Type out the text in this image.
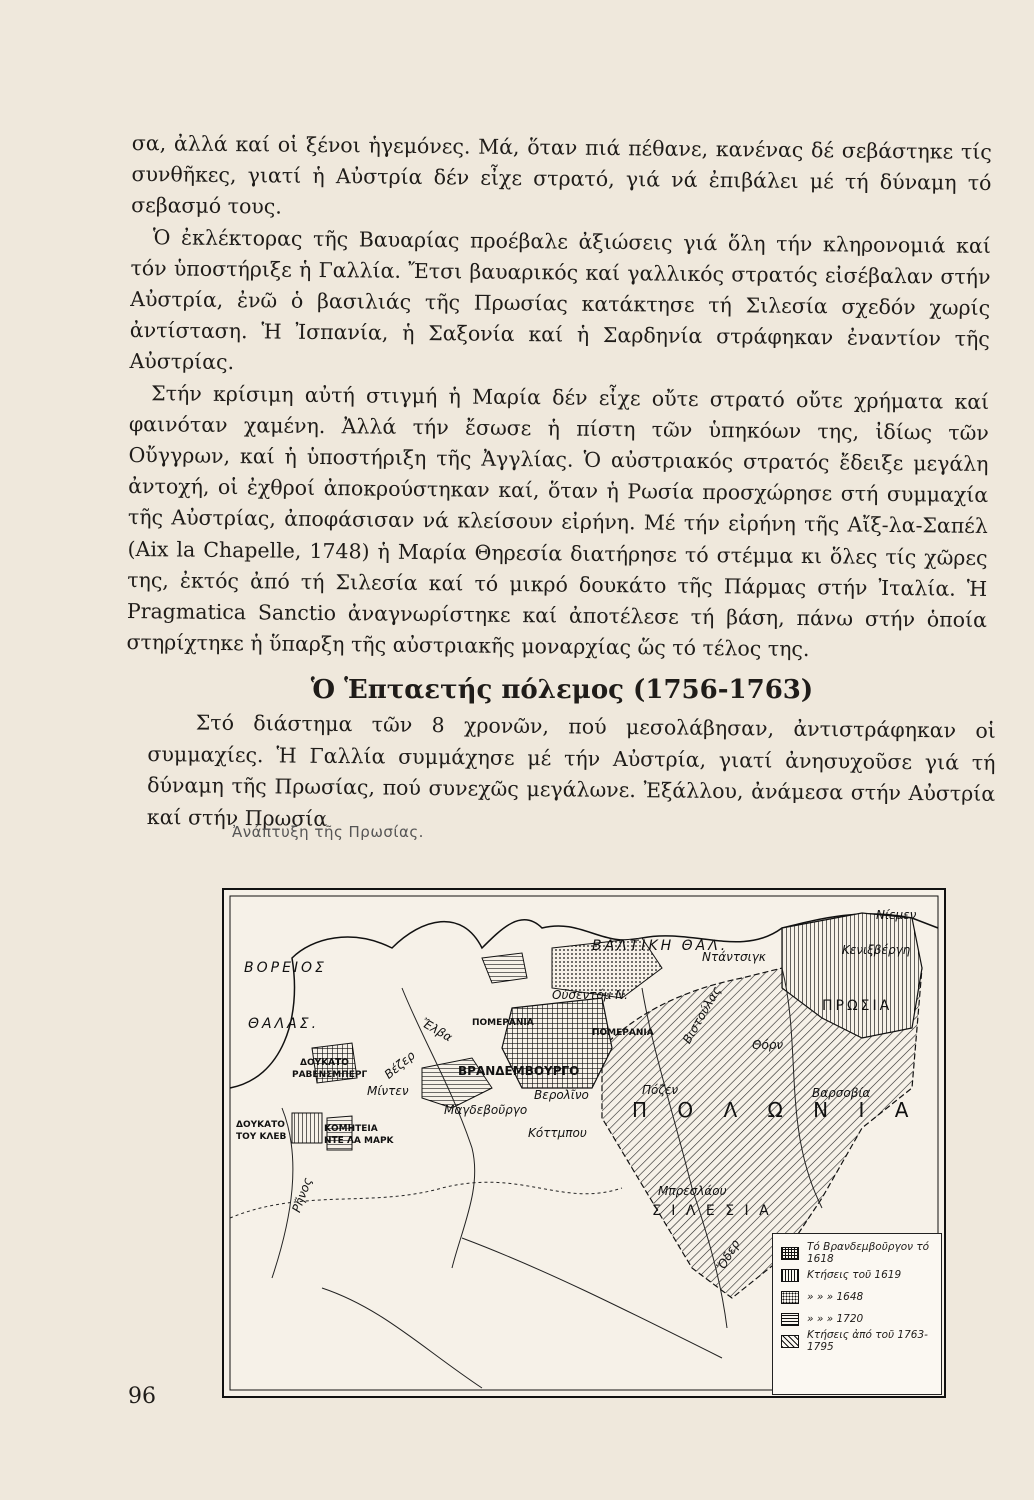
σα, ἀλλά καί οἱ ξένοι ἡγεμόνες. Μά, ὅταν πιά πέθανε, κανένας δέ σεβάστηκε τίς συνθῆκες, γιατί ἡ Αὐστρία δέν εἶχε στρατό, γιά νά ἐπιβάλει μέ τή δύναμη τό σεβασμό τους.

Ὁ ἐκλέκτορας τῆς Βαυαρίας προέβαλε ἀξιώσεις γιά ὅλη τήν κληρονομιά καί τόν ὑποστήριξε ἡ Γαλλία. Ἔτσι βαυαρικός καί γαλλικός στρατός εἰσέβαλαν στήν Αὐστρία, ἐνῶ ὁ βασιλιάς τῆς Πρωσίας κατάκτησε τή Σιλεσία σχεδόν χωρίς ἀντίσταση. Ἡ Ἰσπανία, ἡ Σαξονία καί ἡ Σαρδηνία στράφηκαν ἐναντίον τῆς Αὐστρίας.

Στήν κρίσιμη αὐτή στιγμή ἡ Μαρία δέν εἶχε οὔτε στρατό οὔτε χρήματα καί φαινόταν χαμένη. Ἀλλά τήν ἔσωσε ἡ πίστη τῶν ὑπηκόων της, ἰδίως τῶν Οὔγγρων, καί ἡ ὑποστήριξη τῆς Ἀγγλίας. Ὁ αὐστριακός στρατός ἔδειξε μεγάλη ἀντοχή, οἱ ἐχθροί ἀποκρούστηκαν καί, ὅταν ἡ Ρωσία προσχώρησε στή συμμαχία τῆς Αὐστρίας, ἀποφάσισαν νά κλείσουν εἰρήνη. Μέ τήν εἰρήνη τῆς Αἴξ-λα-Σαπέλ (Aix la Chapelle, 1748) ἡ Μαρία Θηρεσία διατήρησε τό στέμμα κι ὅλες τίς χῶρες της, ἐκτός ἀπό τή Σιλεσία καί τό μικρό δουκάτο τῆς Πάρμας στήν Ἰταλία. Ἡ Pragmatica Sanctio ἀναγνωρίστηκε καί ἀποτέλεσε τή βάση, πάνω στήν ὁποία στηρίχτηκε ἡ ὕπαρξη τῆς αὐστριακῆς μοναρχίας ὥς τό τέλος της.

Ὁ Ἑπταετής πόλεμος (1756-1763)

Στό διάστημα τῶν 8 χρονῶν, πού μεσολάβησαν, ἀντιστράφηκαν οἱ συμμαχίες. Ἡ Γαλλία συμμάχησε μέ τήν Αὐστρία, γιατί ἀνησυχοῦσε γιά τή δύναμη τῆς Πρωσίας, πού συνεχῶς μεγάλωνε. Ἐξάλλου, ἀνάμεσα στήν Αὐστρία καί στήν Πρωσία

Ἀνάπτυξη τῆς Πρωσίας.
ΒΑΛΤΙΚΗ ΘΑΛ.
ΒΟΡΕΙΟΣ
ΘΑΛΑΣ.	ΠΟΜΕΡΑΝΙΑ
ΠΟΜΕΡΑΝΙΑ
ΒΡΑΝΔΕΜΒΟΥΡΓΟ
Βερολῖνο
Π Ο Λ Ω Ν Ι Α
Σ Ι Λ Ε Σ Ι Α
ΠΡΩΣΙΑ
Κενιξβέργη
Νίεμεν
Ντάντσιγκ
Βιστούλας Θόρν
Πόζεν	Βαρσοβία
Μπρεσλάου
Κόττμπου
Μαγδεβοῦργο
Ἔλβα
Βέζερ
Ρῆνος
Ὄδερ
Οὐσεντόμ Ν.
Μίντεν
ΔΟΥΚΑΤΟ
ΡΑΒΕΝΣΜΠΕΡΓ
ΔΟΥΚΑΤΟ
ΤΟΥ ΚΛΕΒ
ΚΟΜΗΤΕΙΑ
ΝΤΕ ΛΑ ΜΑΡΚ
Τό Βρανδεμβοῦργον τό 1618
Κτήσεις τοῦ 1619
» » » 1648
» » » 1720
Κτήσεις ἀπό τοῦ 1763-1795
96
